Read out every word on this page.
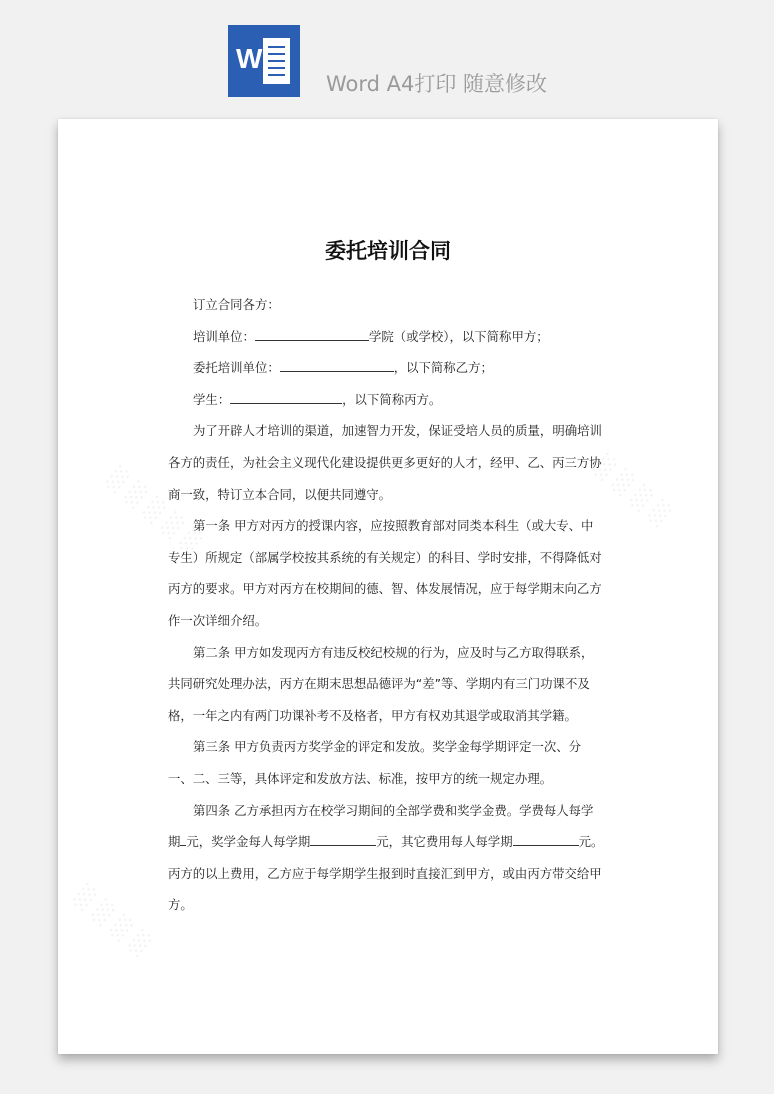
W
Word A4打印 随意修改
░ ░ ░ ░ ░	░ ░ ░ ░
░ ░ ░ ░
委托培训合同

订立合同各方：

培训单位：	学院（或学校），以下简称甲方；

委托培训单位：	，以下简称乙方；

学生：	，以下简称丙方。

为了开辟人才培训的渠道，加速智力开发，保证受培人员的质量，明确培训各方的责任，为社会主义现代化建设提供更多更好的人才，经甲、乙、丙三方协商一致，特订立本合同，以便共同遵守。

第一条 甲方对丙方的授课内容，应按照教育部对同类本科生（或大专、中专生）所规定（部属学校按其系统的有关规定）的科目、学时安排，不得降低对丙方的要求。甲方对丙方在校期间的德、智、体发展情况，应于每学期末向乙方作一次详细介绍。

第二条 甲方如发现丙方有违反校纪校规的行为，应及时与乙方取得联系，共同研究处理办法，丙方在期末思想品德评为“差”等、学期内有三门功课不及格，一年之内有两门功课补考不及格者，甲方有权劝其退学或取消其学籍。

第三条 甲方负责丙方奖学金的评定和发放。奖学金每学期评定一次、分一、二、三等，具体评定和发放方法、标准，按甲方的统一规定办理。

第四条 乙方承担丙方在校学习期间的全部学费和奖学金费。学费每人每学期 元，奖学金每人每学期	元，其它费用每人每学期	元。丙方的以上费用，乙方应于每学期学生报到时直接汇到甲方，或由丙方带交给甲方。
